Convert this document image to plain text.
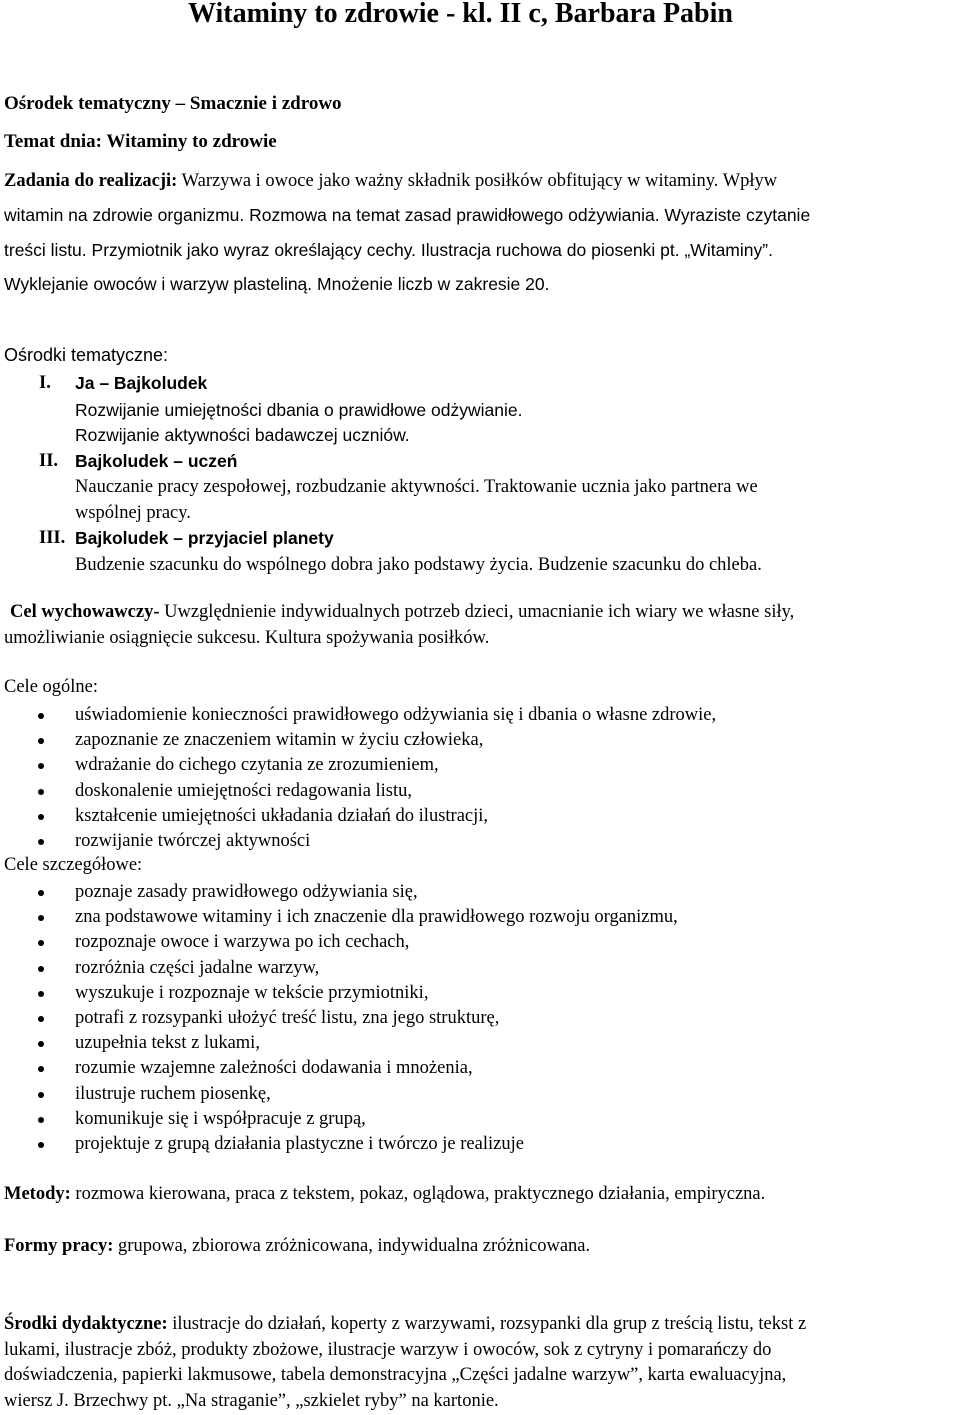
Witaminy to zdrowie - kl. II c, Barbara Pabin
Ośrodek tematyczny – Smacznie i zdrowo
Temat dnia: Witaminy to zdrowie
Zadania do realizacji: Warzywa i owoce jako ważny składnik posiłków obfitujący w witaminy. Wpływ
witamin na zdrowie organizmu. Rozmowa na temat zasad prawidłowego odżywiania. Wyraziste czytanie
treści listu. Przymiotnik jako wyraz określający cechy. Ilustracja ruchowa do piosenki pt. „Witaminy”.
Wyklejanie owoców i warzyw plasteliną. Mnożenie liczb w zakresie 20.
Ośrodki tematyczne:
I. Ja – Bajkoludek
Rozwijanie umiejętności dbania o prawidłowe odżywianie.
Rozwijanie aktywności badawczej uczniów.
II. Bajkoludek – uczeń
Nauczanie pracy zespołowej, rozbudzanie aktywności. Traktowanie ucznia jako partnera we
wspólnej pracy.
III. Bajkoludek – przyjaciel planety
Budzenie szacunku do wspólnego dobra jako podstawy życia. Budzenie szacunku do chleba.
Cel wychowawczy- Uwzględnienie indywidualnych potrzeb dzieci, umacnianie ich wiary we własne siły,
umożliwianie osiągnięcie sukcesu. Kultura spożywania posiłków.
Cele ogólne:
uświadomienie konieczności prawidłowego odżywiania się i dbania o własne zdrowie,
zapoznanie ze znaczeniem witamin w życiu człowieka,
wdrażanie do cichego czytania ze zrozumieniem,
doskonalenie umiejętności redagowania listu,
kształcenie umiejętności układania działań do ilustracji,
rozwijanie twórczej aktywności
Cele szczegółowe:
poznaje zasady prawidłowego odżywiania się,
zna podstawowe witaminy i ich znaczenie dla prawidłowego rozwoju organizmu,
rozpoznaje owoce i warzywa po ich cechach,
rozróżnia części jadalne warzyw,
wyszukuje i rozpoznaje w tekście przymiotniki,
potrafi z rozsypanki ułożyć treść listu, zna jego strukturę,
uzupełnia tekst z lukami,
rozumie wzajemne zależności dodawania i mnożenia,
ilustruje ruchem piosenkę,
komunikuje się i współpracuje z grupą,
projektuje z grupą działania plastyczne i twórczo je realizuje
Metody: rozmowa kierowana, praca z tekstem, pokaz, oglądowa, praktycznego działania, empiryczna.
Formy pracy: grupowa, zbiorowa zróżnicowana, indywidualna zróżnicowana.
Środki dydaktyczne: ilustracje do działań, koperty z warzywami, rozsypanki dla grup z treścią listu, tekst z
lukami, ilustracje zbóż, produkty zbożowe, ilustracje warzyw i owoców, sok z cytryny i pomarańczy do
doświadczenia, papierki lakmusowe, tabela demonstracyjna „Części jadalne warzyw”, karta ewaluacyjna,
wiersz J. Brzechwy pt. „Na straganie”, „szkielet ryby” na kartonie.
